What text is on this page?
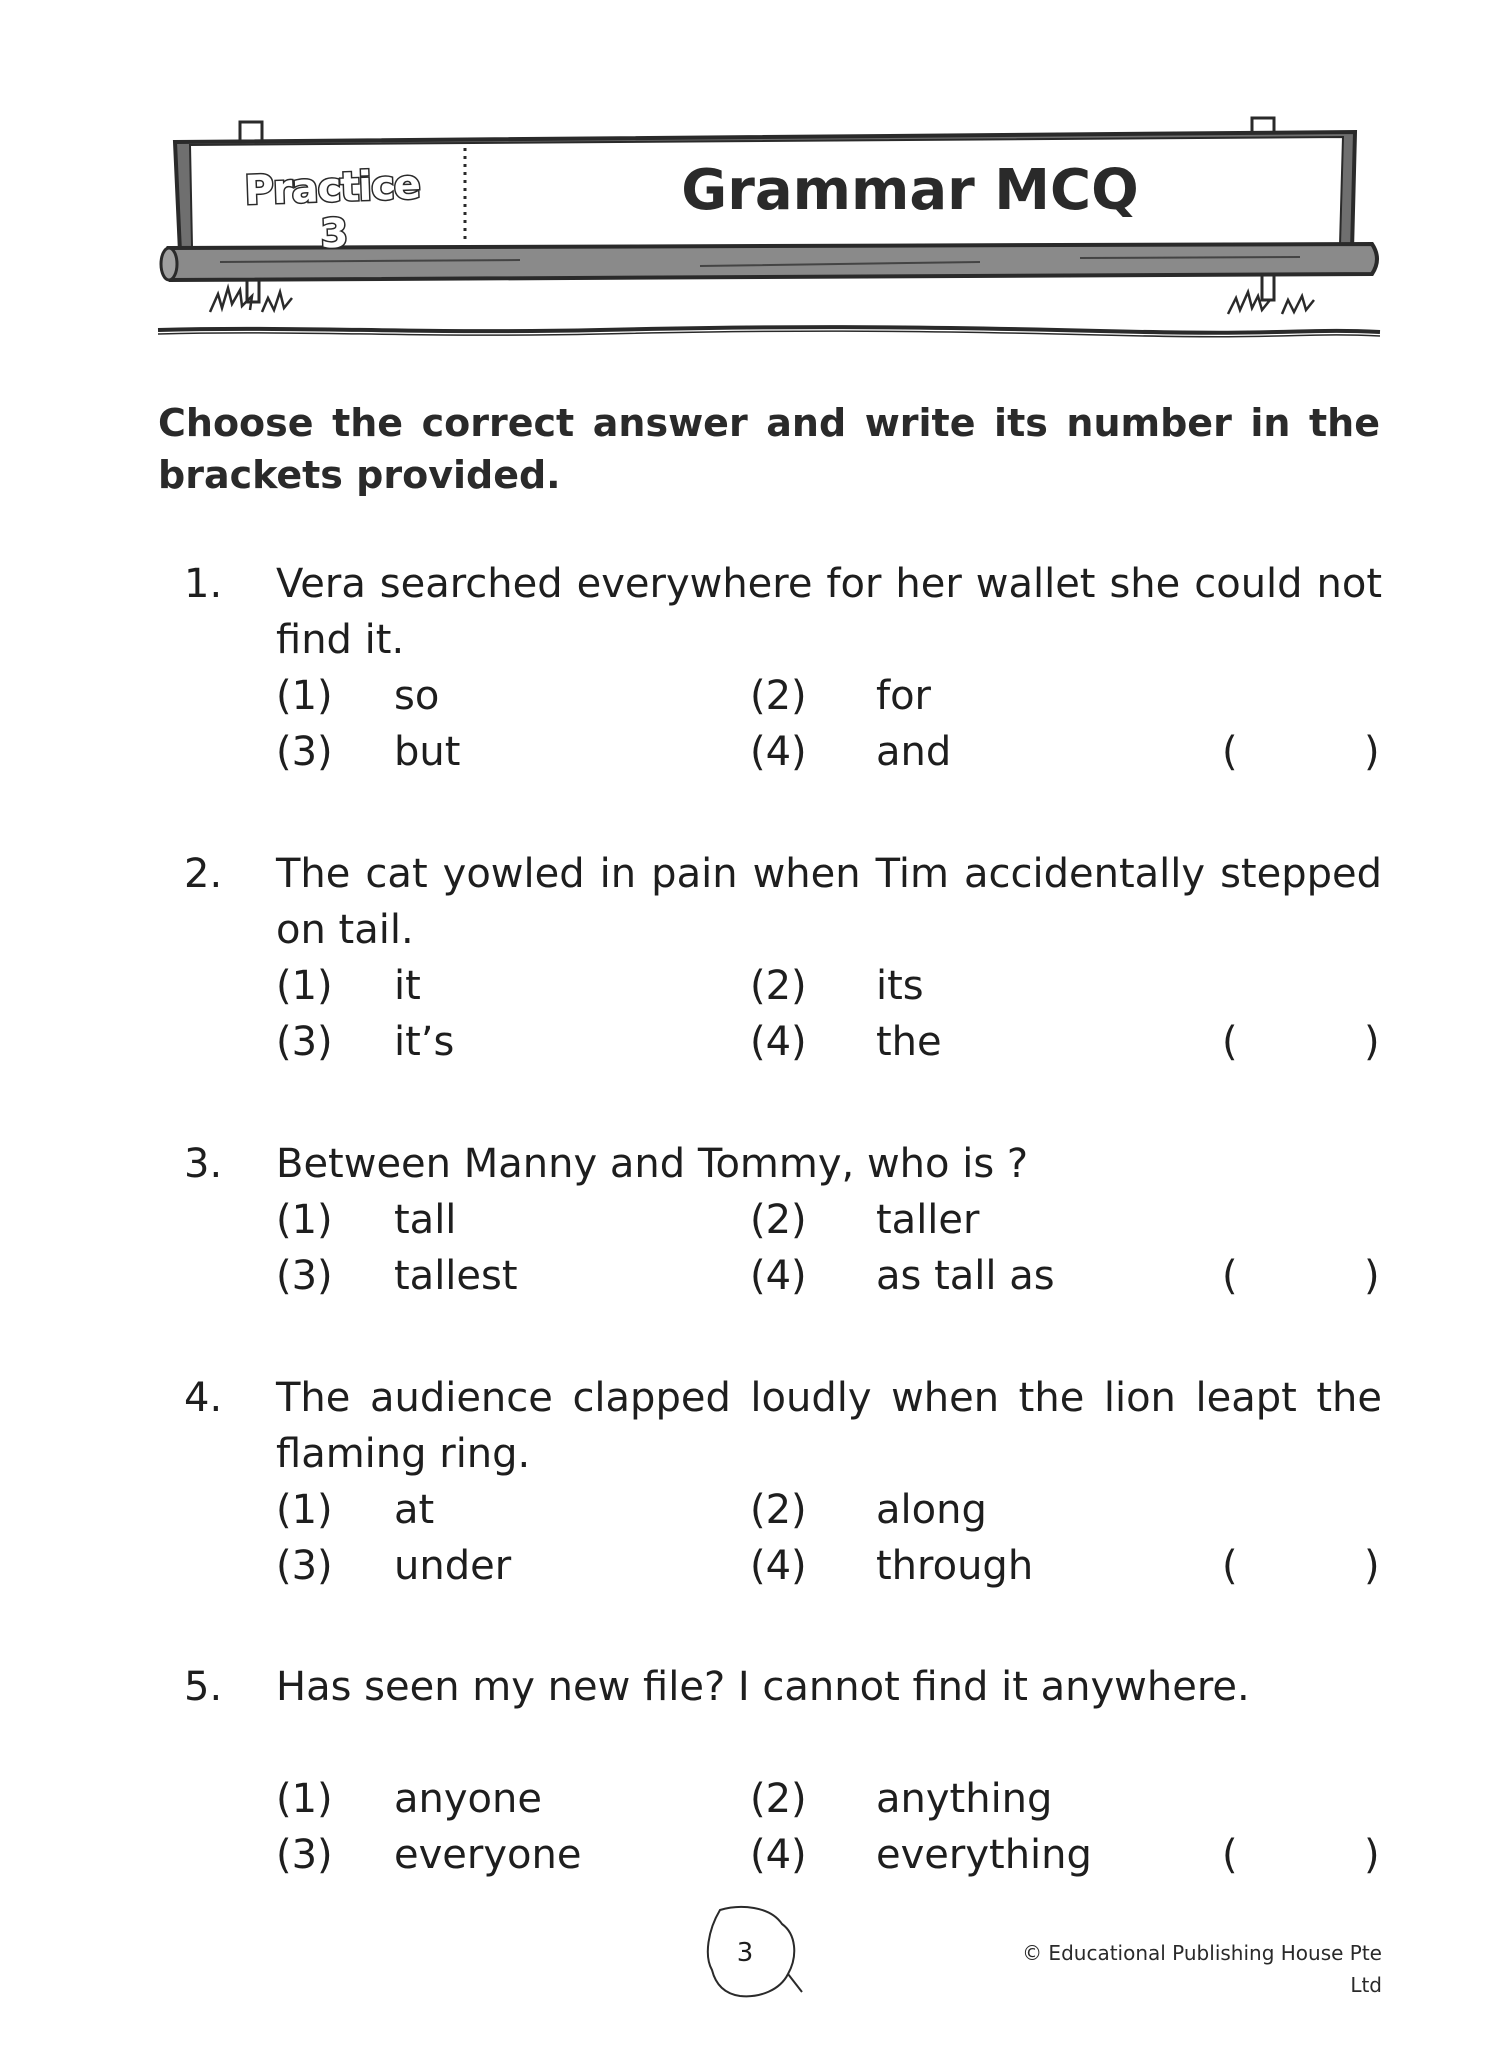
Practice 3
Grammar MCQ

Choose the correct answer and write its number in the brackets provided.

1. Vera searched everywhere for her wallet she could not find it.
(1)	so	(2)	for
(3)	but	(4)	and	(	)
2. The cat yowled in pain when Tim accidentally stepped on tail.
(1)	it	(2)	its
(3)	it’s	(4)	the	(	)
3. Between Manny and Tommy, who is ?
(1)	tall	(2)	taller
(3)	tallest	(4)	as tall as	(	)
4. The audience clapped loudly when the lion leapt the flaming ring.
(1)	at	(2)	along
(3)	under	(4)	through	(	)
5. Has seen my new file? I cannot find it anywhere.
(1)	anyone	(2)	anything
(3)	everyone	(4)	everything	(	)
3	© Educational Publishing House Pte Ltd
